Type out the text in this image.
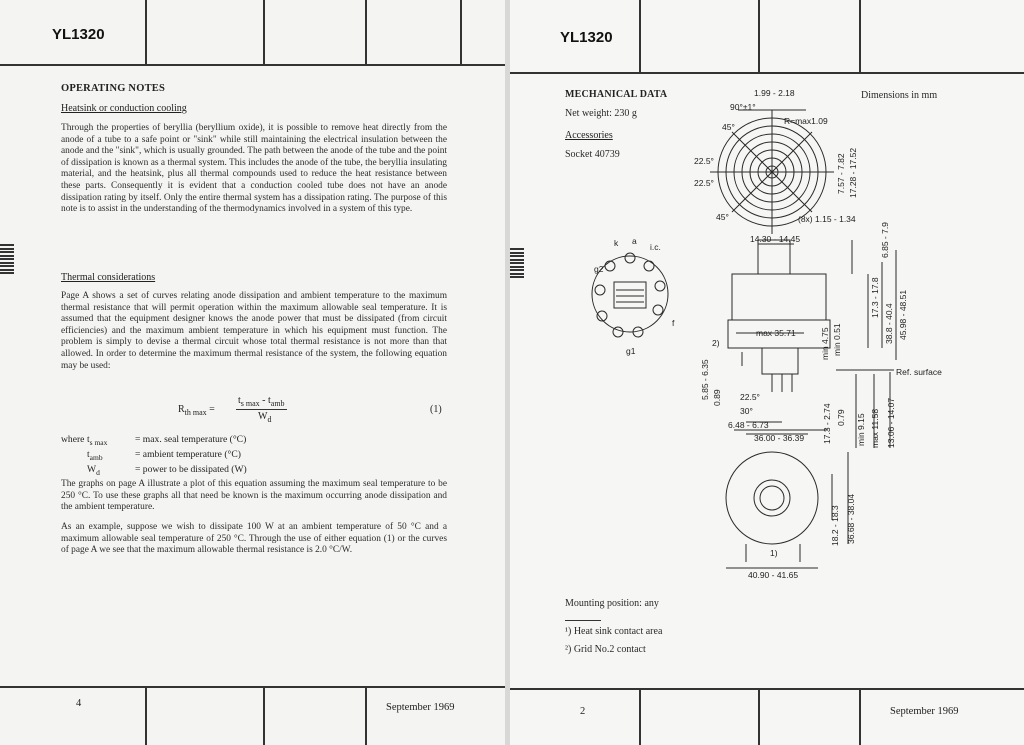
YL1320
OPERATING NOTES
Heatsink or conduction cooling
Through the properties of beryllia (beryllium oxide), it is possible to remove heat directly from the anode of a tube to a safe point or "sink" while still maintaining the electrical insulation between the anode and the "sink", which is usually grounded. The path between the anode of the tube and the point of dissipation is known as a thermal system. This includes the anode of the tube, the beryllia insulating material, and the heatsink, plus all thermal compounds used to reduce the heat resistance between these parts. Consequently it is evident that a conduction cooled tube does not have an anode dissipation rating by itself. Only the entire thermal system has a dissipation rating. The purpose of this note is to assist in the understanding of the thermodynamics involved in a system of this type.
Thermal considerations
Page A shows a set of curves relating anode dissipation and ambient temperature to the maximum thermal resistance that will permit operation within the maximum allowable seal temperature. It is assumed that the equipment designer knows the anode power that must be dissipated (from circuit efficiencies) and the maximum ambient temperature in which his equipment must function. The problem is simply to devise a thermal circuit whose total thermal resistance is not more than that allowed. In order to determine the maximum thermal resistance of the system, the following equation may be used:
$R_{th max}$ =
$t_{s max} - t_{amb}$
$W_d$
(1)
where $t_{s max}$	= max. seal temperature (°C)
$t_{amb}$	= ambient temperature (°C)
$W_d$	= power to be dissipated (W)
The graphs on page A illustrate a plot of this equation assuming the maximum seal temperature to be 250 °C. To use these graphs all that need be known is the maximum occurring anode dissipation and the ambient temperature.
As an example, suppose we wish to dissipate 100 W at an ambient temperature of 50 °C and a maximum allowable seal temperature of 250 °C. Through the use of either equation (1) or the curves of page A we see that the maximum allowable thermal resistance is 2.0 °C/W.
4	September 1969
YL1320
MECHANICAL DATA	Dimensions in mm
Net weight: 230 g
Accessories
Socket 40739
1.99 - 2.18
90°±1°
R=max1.09
45°
22.5°
22.5°
45°	(8x) 1.15 - 1.34
7.57 - 7.82 17.28 - 17.52
14.30 - 14.45	6.85 - 7.9
17.3 - 17.8
38.8 - 40.4 45.98 - 48.51
max 35.71	min 4.75 min 0.51
Ref. surface
5.85 - 6.35 0.89 22.5°
30°
6.48 - 6.73
36.00 - 36.39 17.3 - 2.74 0.79 min 9.15 max 11.58 13.06 - 14.07
18.2 - 18.3 36.68 - 38.04
40.90 - 41.65
1)
2)
k a
i.c.
g2
f
g1
Mounting position: any
¹) Heat sink contact area
²) Grid No.2 contact
2	September 1969
